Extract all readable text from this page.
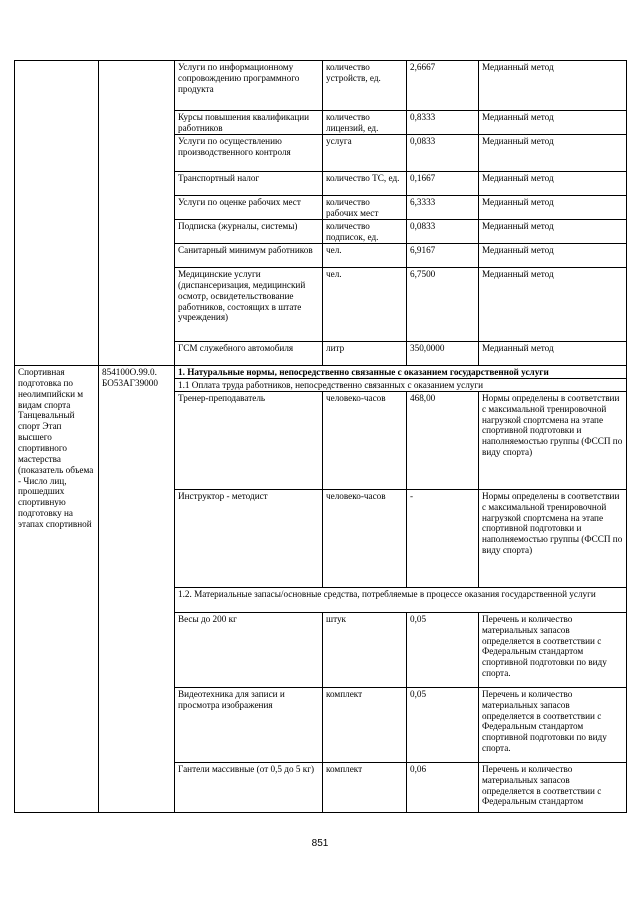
		Услуги по информационному сопровождению программного продукта	количество устройств, ед.	2,6667	Медианный метод
		Курсы повышения квалификации работников	количество лицензий, ед.	0,8333	Медианный метод
		Услуги по осуществлению производственного контроля	услуга	0,0833	Медианный метод
		Транспортный налог	количество ТС, ед.	0,1667	Медианный метод
		Услуги по оценке рабочих мест	количество рабочих мест	6,3333	Медианный метод
		Подписка (журналы, системы)	количество подписок, ед.	0,0833	Медианный метод
		Санитарный минимум работников	чел.	6,9167	Медианный метод
		Медицинские услуги (диспансеризация, медицинский осмотр, освидетельствование работников, состоящих в штате учреждения)	чел.	6,7500	Медианный метод
		ГСМ служебного автомобиля	литр	350,0000	Медианный метод
Спортивная подготовка по неолимпийски м видам спорта Танцевальный спорт Этап высшего спортивного мастерства (показатель объема - Число лиц, прошедших спортивную подготовку на этапах спортивной	854100О.99.0. БО53АГ39000	1. Натуральные нормы, непосредственно связанные с оказанием государственной услуги			
		1.1 Оплата труда работников, непосредственно связанных с оказанием услуги			
		Тренер-преподаватель	человеко-часов	468,00	Нормы определены в соответствии с максимальной тренировочной нагрузкой спортсмена на этапе спортивной подготовки и наполняемостью группы (ФССП по виду спорта)
		Инструктор - методист	человеко-часов	-	Нормы определены в соответствии с максимальной тренировочной нагрузкой спортсмена на этапе спортивной подготовки и наполняемостью группы (ФССП по виду спорта)
		1.2. Материальные запасы/основные средства, потребляемые в процессе оказания государственной услуги			
		Весы до 200 кг	штук	0,05	Перечень и количество материальных запасов определяется в соответствии с Федеральным стандартом спортивной подготовки по виду спорта.
		Видеотехника для записи и просмотра изображения	комплект	0,05	Перечень и количество материальных запасов определяется в соответствии с Федеральным стандартом спортивной подготовки по виду спорта.
		Гантели массивные (от 0,5 до 5 кг)	комплект	0,06	Перечень и количество материальных запасов определяется в соответствии с Федеральным стандартом
851
